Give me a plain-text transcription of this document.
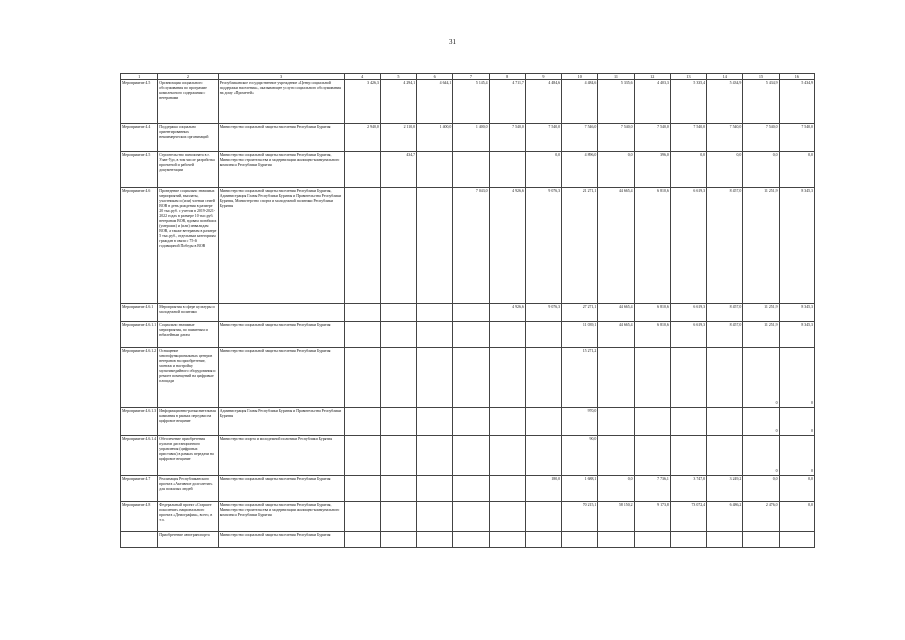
31
1	2	3	4	5	6	7	8	9	10	11	12	13	14	15	16
Мероприятие 4.5	Организация социального обслуживания по программе комплексного содержания с ветеранами	Республиканское государственное учреждение «Центр социальной поддержки населения», оказывающее услуги социального обслуживания на дому «Прометей»	3 426,3	4 294,1	4 644,1	5 145,4	4 711,7	4 484,6	4 484,6	5 335,6	4 403,3	5 335,4	5 434,9	5 434,9	5 434,9
Мероприятие 4.4	Поддержка социально ориентированных некоммерческих организаций	Министерство социальной защиты населения Республики Бурятия	2 940,0	2 110,0	1 400,0	1 400,0	7 540,0	7 540,0	7 546,0	7 540,0	7 540,0	7 540,0	7 540,0	7 540,0	7 540,0
Мероприятие 4.5	Строительство пансионата в г. Улан-Удэ, в том числе разработка проектной и рабочей документации	Министерство социальной защиты населения Республики Бурятия, Министерство строительства и модернизации жилищно-коммунального комплекса Республики Бурятия		434,7				0,0	4 896,0	0,0	396,0	0,0	0,0	0,0	0,0
Мероприятие 4.6	Проведение социально значимых мероприятий, выплаты, участникам и (или) членам семей ВОВ в день рождения в размере 20 тыс.руб. с учетом в 2019-2021-2022 годах в размере 10 тыс.руб. ветеранам ВОВ, вдовам погибших (умерших) и (или) инвалидам ВОВ, а также ветеранам в размере 5 тыс.руб., отдельным категориям граждан в связи с 75-й годовщиной Победы в ВОВ	Министерство социальной защиты населения Республики Бурятия, Администрация Главы Республики Бурятия и Правительства Республики Бурятия, Министерство спорта и молодежной политики Республики Бурятия				7 043,0	4 926,6	9 076,3	21 271,1	44 665,4	6 810,6	6 619,3	8 457,0	11 251,9	8 345,3
Мероприятие 4.6.1	Мероприятия в сфере культуры и молодежной политики						4 926,6	9 076,3	27 271,1	44 665,4	6 810,6	6 619,3	8 457,0	11 251,9	8 345,3
Мероприятие 4.6.1.1	Социально значимые мероприятия, по памятным и юбилейным датам	Министерство социальной защиты населения Республики Бурятия							11 039,1	44 665,4	6 810,6	6 619,3	8 457,0	11 251,9	8 345,3
Мероприятие 4.6.1.2	Оснащение многофункциональных центров ветеранов на приобретение, монтаж и настройку мультимедийного оборудования и ремонт помещений на цифровые площади	Министерство социальной защиты населения Республики Бурятия							15 271,2					0	0
Мероприятие 4.6.1.3	Информационно-разъяснительная кампания в рамках передачи на цифровое вещание	Администрация Главы Республики Бурятия и Правительства Республики Бурятия							970,0					0	0
Мероприятие 4.6.1.4	Обеспечение приобретения пультов дистанционного управления (цифровых приставок) в рамках передачи на цифровое вещание	Министерство спорта и молодежной политики Республики Бурятия							90,0					0	0
Мероприятие 4.7	Реализация Республиканского проекта «Активное долголетие» для пожилых людей	Министерство социальной защиты населения Республики Бурятия						180,0	1 688,1	0,0	7 736,1	3 747,0	3 249,2	0,0	0,0
Мероприятие 4.8	Федеральный проект «Старшее поколение» национального проекта «Демография», всего, в т.ч.	Министерство социальной защиты населения Республики Бурятия, Министерство строительства и модернизации жилищно-коммунального комплекса Республики Бурятия							70 215,1	58 150,2	9 173,8	73 072,4	6 486,2	2 476,0	0,0
	Приобретение автотранспорта	Министерство социальной защиты населения Республики Бурятия													
